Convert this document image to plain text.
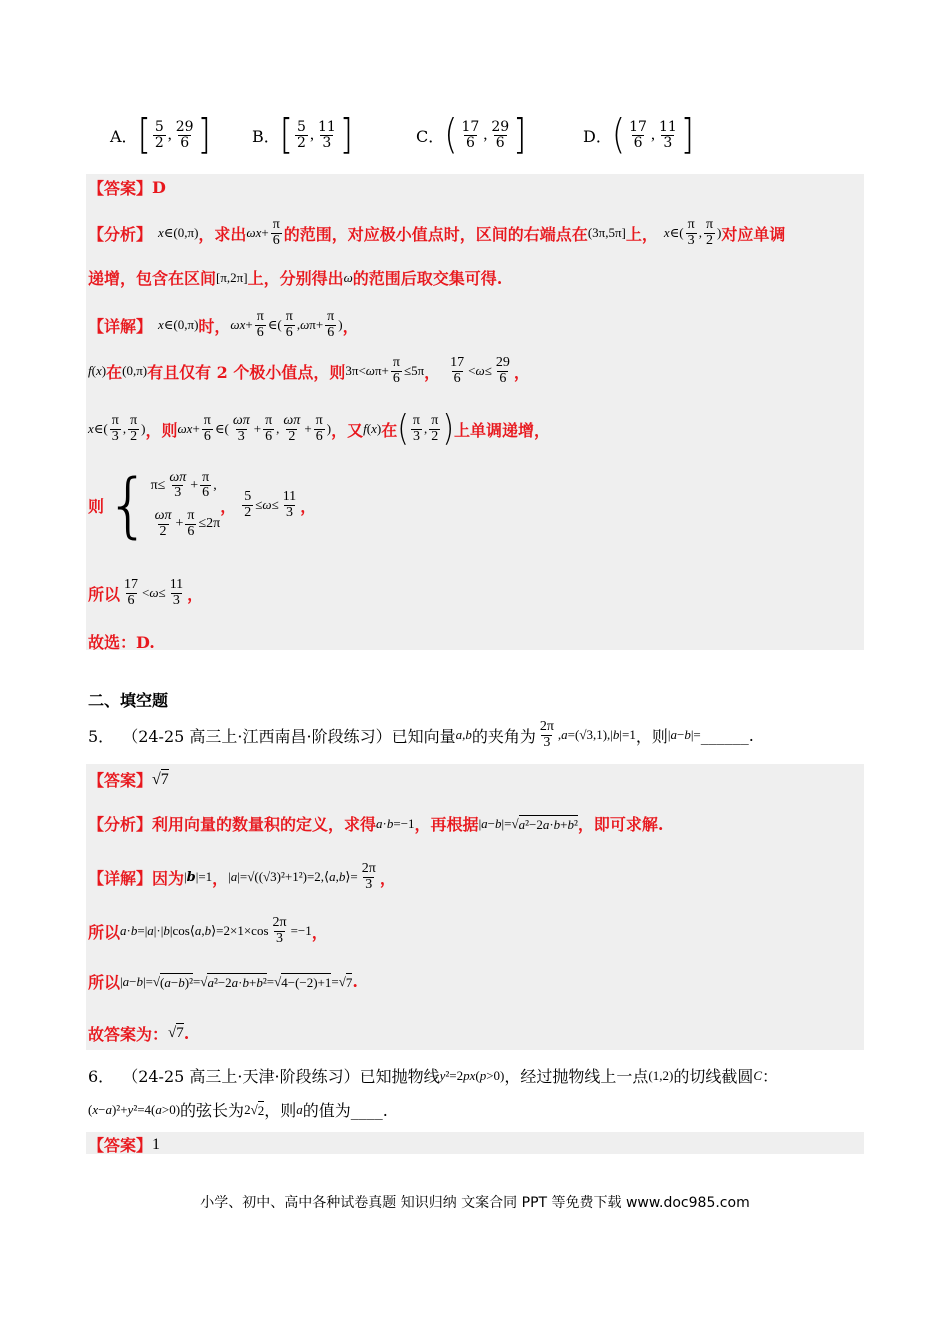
A． [ $\frac{5}{2}$ , $\frac{29}{6}$ ]	B． [ $\frac{5}{2}$ , $\frac{11}{3}$ ]	C． ( $\frac{17}{6}$ , $\frac{29}{6}$ ]	D． ( $\frac{17}{6}$ , $\frac{11}{3}$ ]
【答案】 D
【分析】 x ∈(0,π) ，求出 $\omega x + \frac{\pi}{6}$ 的范围，对应极小值点时，区间的右端点在 (3π,5π] 上， x ∈( $\frac{\pi}{3}$ , $\frac{\pi}{2}$ ) 对应单调
递增，包含在区间 [π,2π] 上，分别得出 ω 的范围后取交集可得.
【详解】 x ∈(0,π) 时， $\omega x + \frac{\pi}{6}$ ∈( $\frac{\pi}{6}$ , ω $\pi+ \frac{\pi}{6}$ ) ，
f ( x ) 在 (0,π) 有且仅有 2 个极小值点，则 3π< ω $\pi+ \frac{\pi}{6} \le 5\pi$ ， $\frac{17}{6} < \omega \le \frac{29}{6}$ ，
x ∈( $\frac{\pi}{3}$ , $\frac{\pi}{2}$ ) ，则 $\omega x + \frac{\pi}{6}$ ∈( $\frac{\omega\pi}{3} + \frac{\pi}{6}$ , $\frac{\omega\pi}{2} + \frac{\pi}{6}$ ) ，又 f ( x ) 在 ( $\frac{\pi}{3}$ , $\frac{\pi}{2}$ ) 上单调递增，
则 { $\pi\le \frac{\omega\pi}{3} + \frac{\pi}{6}$ ,
$\frac{\omega\pi}{2} + \frac{\pi}{6} \le 2\pi$
， $\frac{5}{2} \le \omega \le \frac{11}{3}$ ，
所以 $\frac{17}{6} < \omega \le \frac{11}{3}$ ，
故选：D.
二、填空题
5． （24-25 高三上·江西南昌·阶段练习）已知向量 a , b 的夹角为 $\frac{2\pi}{3}$ , a =(√3,1),| b |=1 ，则 | a − b |= ______.
【答案】 √7
【分析】 利用向量的数量积的定义，求得 a · b =−1 ，再根据 | a − b |=√ a²−2a·b+b² ，即可求解.
【详解】 因为 | b |=1 ， | a |=√((√3)²+1²)=2,⟨ a , b ⟩= $\frac{2\pi}{3}$ ，
所以 a · b =| a |·| b |cos⟨ a , b ⟩=2×1×cos $\frac{2\pi}{3} =-1$ ，
所以 | a − b |=√ (a−b)² =√ a²−2a·b+b² =√ 4−(−2)+1 =√ 7 .
故答案为： √7 .
6． （24-25 高三上·天津·阶段练习）已知抛物线 y ²=2 px ( p >0) ，经过抛物线上一点 (1,2) 的切线截圆 C ：
( x − a )²+ y ²=4( a >0) 的弦长为 2√ 2 ，则 a 的值为____.
【答案】 1
小学、初中、高中各种试卷真题 知识归纳 文案合同 PPT 等免费下载 www.doc985.com
